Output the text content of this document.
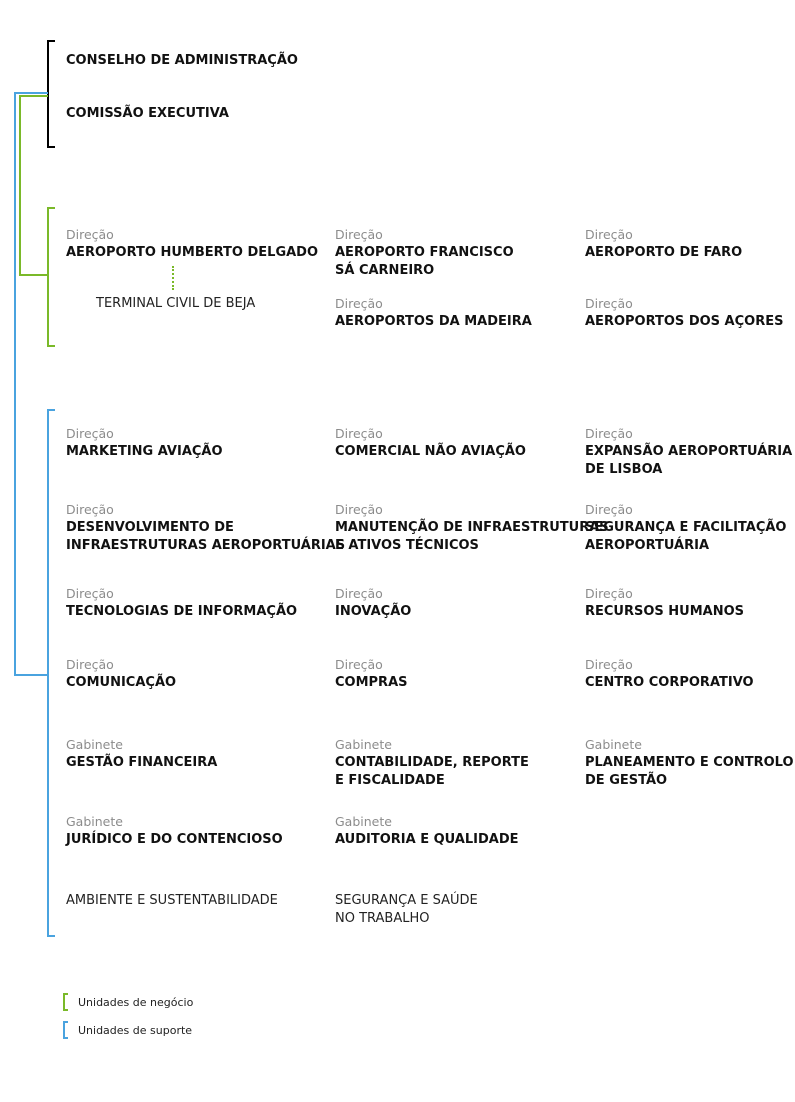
CONSELHO DE ADMINISTRAÇÃO
COMISSÃO EXECUTIVA
Direção
AEROPORTO HUMBERTO DELGADO
TERMINAL CIVIL DE BEJA
Direção
AEROPORTO FRANCISCO
SÁ CARNEIRO
Direção
AEROPORTO DE FARO
Direção
AEROPORTOS DA MADEIRA
Direção
AEROPORTOS DOS AÇORES
Direção
MARKETING AVIAÇÃO
Direção
COMERCIAL NÃO AVIAÇÃO
Direção
EXPANSÃO AEROPORTUÁRIA
DE LISBOA
Direção
DESENVOLVIMENTO DE
INFRAESTRUTURAS AEROPORTUÁRIAS
Direção
MANUTENÇÃO DE INFRAESTRUTURAS
E ATIVOS TÉCNICOS
Direção
SEGURANÇA E FACILITAÇÃO
AEROPORTUÁRIA
Direção
TECNOLOGIAS DE INFORMAÇÃO
Direção
INOVAÇÃO
Direção
RECURSOS HUMANOS
Direção
COMUNICAÇÃO
Direção
COMPRAS
Direção
CENTRO CORPORATIVO
Gabinete
GESTÃO FINANCEIRA
Gabinete
CONTABILIDADE, REPORTE
E FISCALIDADE
Gabinete
PLANEAMENTO E CONTROLO
DE GESTÃO
Gabinete
JURÍDICO E DO CONTENCIOSO
Gabinete
AUDITORIA E QUALIDADE
AMBIENTE E SUSTENTABILIDADE	SEGURANÇA E SAÚDE
NO TRABALHO
Unidades de negócio
Unidades de suporte
